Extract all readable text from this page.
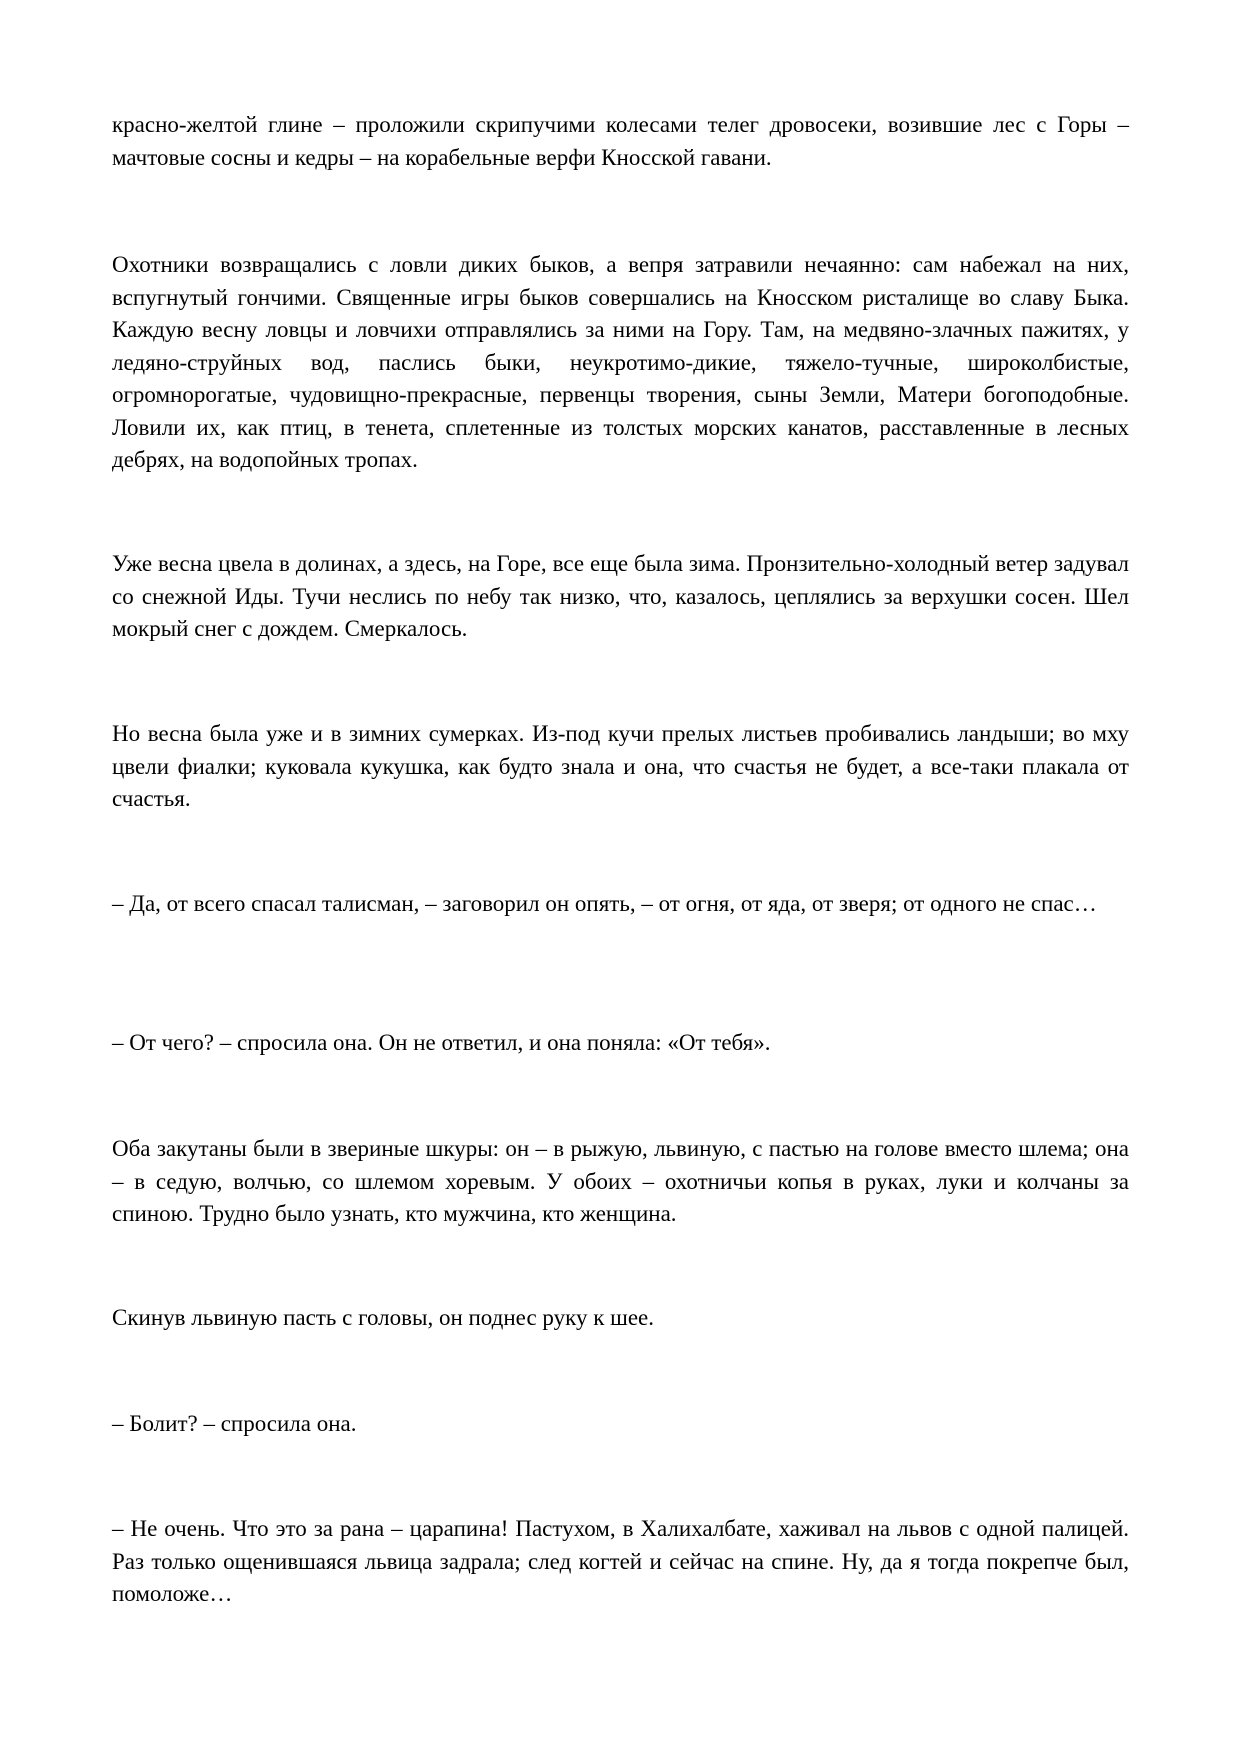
красно-желтой глине – проложили скрипучими колесами телег дровосеки, возившие лес с Горы – мачтовые сосны и кедры – на корабельные верфи Кносской гавани.

Охотники возвращались с ловли диких быков, а вепря затравили нечаянно: сам набежал на них, вспугнутый гончими. Священные игры быков совершались на Кносском ристалище во славу Быка. Каждую весну ловцы и ловчихи отправлялись за ними на Гору. Там, на медвяно-злачных пажитях, у ледяно-струйных вод, паслись быки, неукротимо-дикие, тяжело-тучные, широколбистые, огромнорогатые, чудовищно-прекрасные, первенцы творения, сыны Земли, Матери богоподобные. Ловили их, как птиц, в тенета, сплетенные из толстых морских канатов, расставленные в лесных дебрях, на водопойных тропах.

Уже весна цвела в долинах, а здесь, на Горе, все еще была зима. Пронзительно-холодный ветер задувал со снежной Иды. Тучи неслись по небу так низко, что, казалось, цеплялись за верхушки сосен. Шел мокрый снег с дождем. Смеркалось.

Но весна была уже и в зимних сумерках. Из-под кучи прелых листьев пробивались ландыши; во мху цвели фиалки; куковала кукушка, как будто знала и она, что счастья не будет, а все-таки плакала от счастья.

– Да, от всего спасал талисман, – заговорил он опять, – от огня, от яда, от зверя; от одного не спас…

– От чего? – спросила она. Он не ответил, и она поняла: «От тебя».

Оба закутаны были в звериные шкуры: он – в рыжую, львиную, с пастью на голове вместо шлема; она – в седую, волчью, со шлемом хоревым. У обоих – охотничьи копья в руках, луки и колчаны за спиною. Трудно было узнать, кто мужчина, кто женщина.

Скинув львиную пасть с головы, он поднес руку к шее.

– Болит? – спросила она.

– Не очень. Что это за рана – царапина! Пастухом, в Халихалбате, хаживал на львов с одной палицей. Раз только ощенившаяся львица задрала; след когтей и сейчас на спине. Ну, да я тогда покрепче был, помоложе…
